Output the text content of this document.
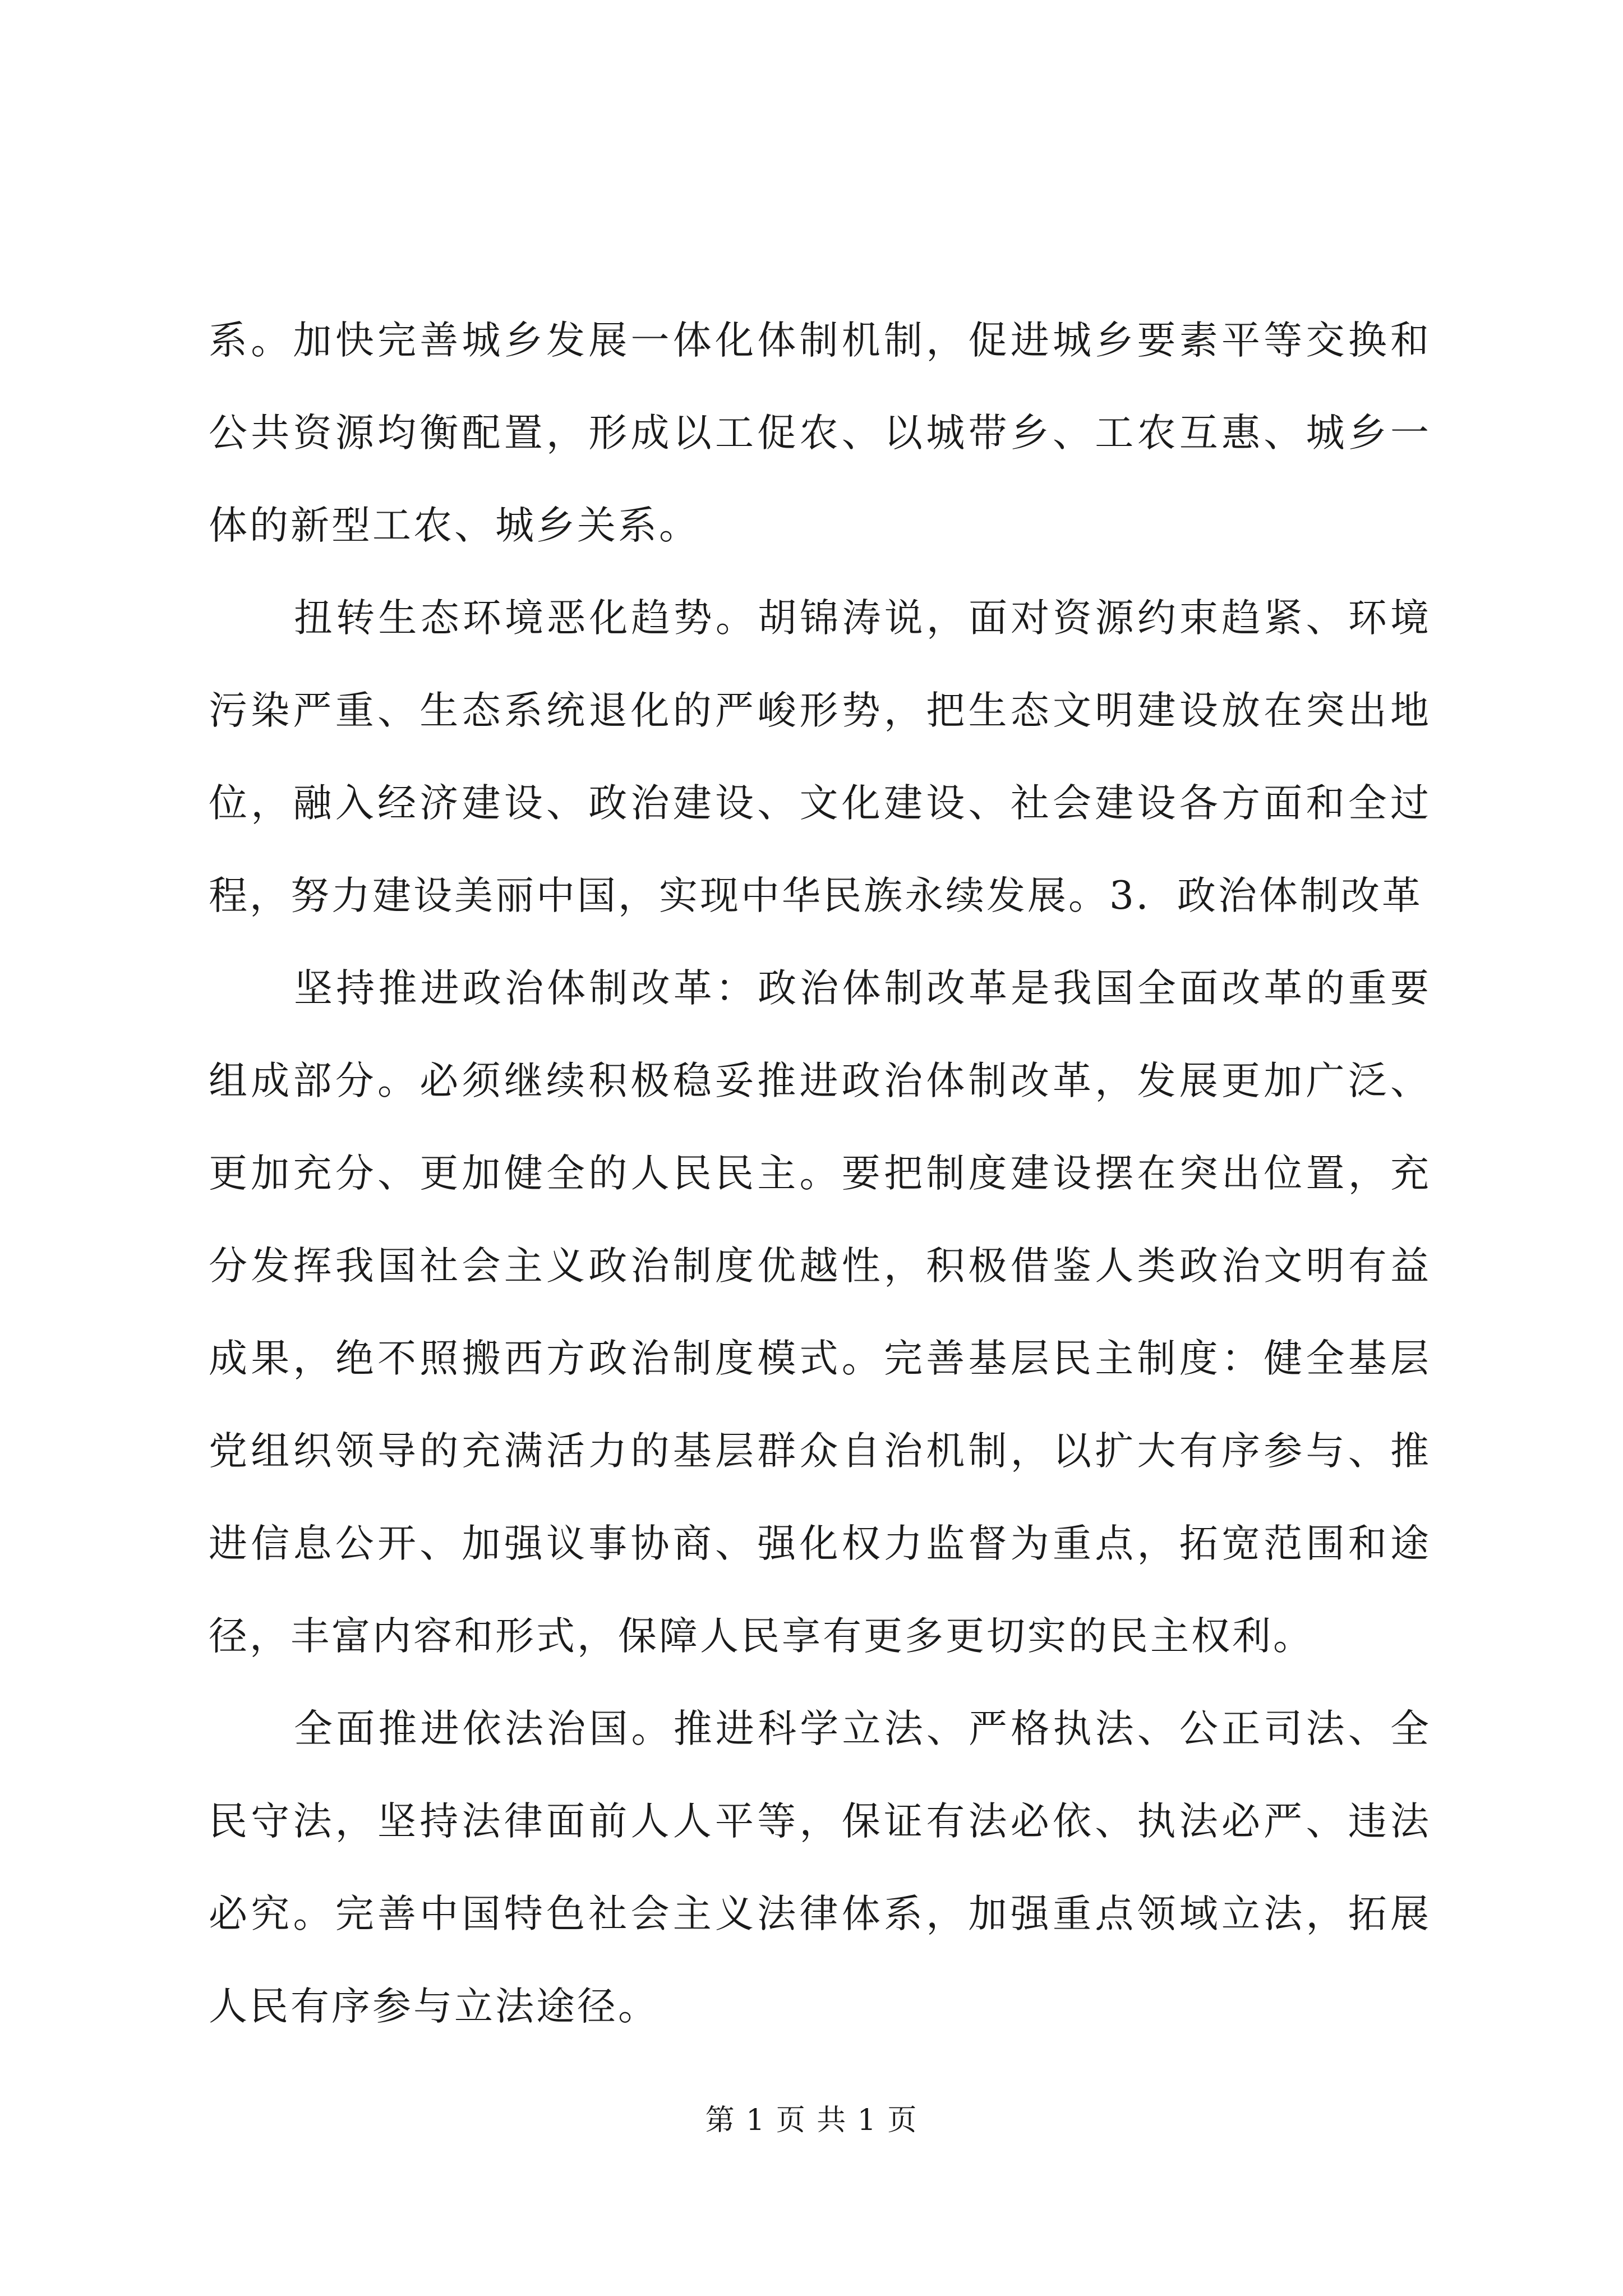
系。加快完善城乡发展一体化体制机制，促进城乡要素平等交换和公共资源均衡配置，形成以工促农、以城带乡、工农互惠、城乡一体的新型工农、城乡关系。

扭转生态环境恶化趋势。胡锦涛说，面对资源约束趋紧、环境污染严重、生态系统退化的严峻形势，把生态文明建设放在突出地位，融入经济建设、政治建设、文化建设、社会建设各方面和全过程，努力建设美丽中国，实现中华民族永续发展。3．政治体制改革

坚持推进政治体制改革：政治体制改革是我国全面改革的重要组成部分。必须继续积极稳妥推进政治体制改革，发展更加广泛、更加充分、更加健全的人民民主。要把制度建设摆在突出位置，充分发挥我国社会主义政治制度优越性，积极借鉴人类政治文明有益成果，绝不照搬西方政治制度模式。完善基层民主制度：健全基层党组织领导的充满活力的基层群众自治机制，以扩大有序参与、推进信息公开、加强议事协商、强化权力监督为重点，拓宽范围和途径，丰富内容和形式，保障人民享有更多更切实的民主权利。

全面推进依法治国。推进科学立法、严格执法、公正司法、全民守法，坚持法律面前人人平等，保证有法必依、执法必严、违法必究。完善中国特色社会主义法律体系，加强重点领域立法，拓展人民有序参与立法途径。

第 1 页 共 1 页
